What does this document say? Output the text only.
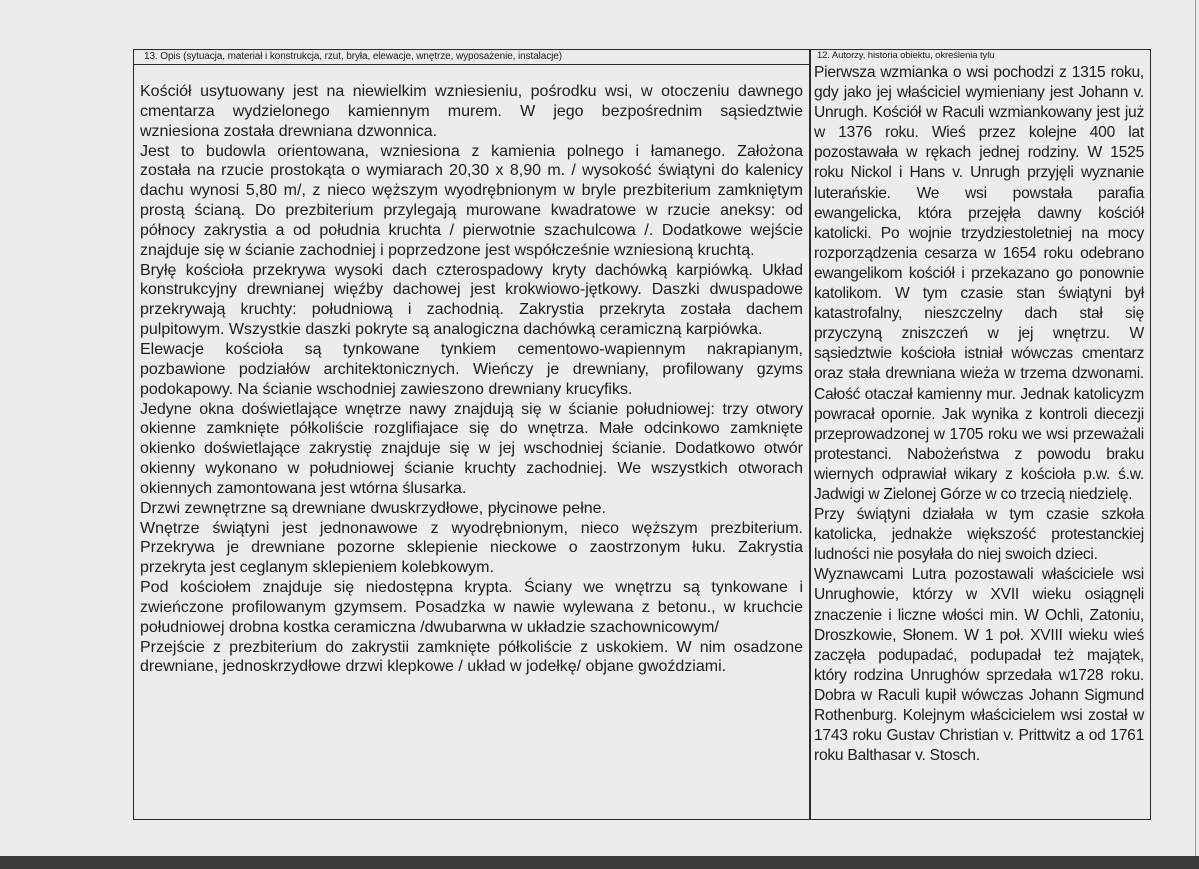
13. Opis (sytuacja, materiał i konstrukcja, rzut, bryła, elewacje, wnętrze, wyposażenie, instalacje)	12. Autorzy, historia obiektu, określenia tylu
Kościół usytuowany jest na niewielkim wzniesieniu, pośrodku wsi, w otoczeniu dawnego
cmentarza wydzielonego kamiennym murem. W jego bezpośrednim sąsiedztwie
wzniesiona została drewniana dzwonnica.
Jest to budowla orientowana, wzniesiona z kamienia polnego i łamanego. Założona
została na rzucie prostokąta o wymiarach 20,30 x 8,90 m. / wysokość świątyni do kalenicy
dachu wynosi 5,80 m/, z nieco węższym wyodrębnionym w bryle prezbiterium zamkniętym
prostą ścianą. Do prezbiterium przylegają murowane kwadratowe w rzucie aneksy: od
północy zakrystia a od południa kruchta / pierwotnie szachulcowa /. Dodatkowe wejście
znajduje się w ścianie zachodniej i poprzedzone jest współcześnie wzniesioną kruchtą.
Bryłę kościoła przekrywa wysoki dach czterospadowy kryty dachówką karpiówką. Układ
konstrukcyjny drewnianej więźby dachowej jest krokwiowo-jętkowy. Daszki dwuspadowe
przekrywają kruchty: południową i zachodnią. Zakrystia przekryta została dachem
pulpitowym. Wszystkie daszki pokryte są analogiczna dachówką ceramiczną karpiówka.
Elewacje kościoła są tynkowane tynkiem cementowo-wapiennym nakrapianym,
pozbawione podziałów architektonicznych. Wieńczy je drewniany, profilowany gzyms
podokapowy. Na ścianie wschodniej zawieszono drewniany krucyfiks.
Jedyne okna doświetlające wnętrze nawy znajdują się w ścianie południowej: trzy otwory
okienne zamknięte półkoliście rozglifiajace się do wnętrza. Małe odcinkowo zamknięte
okienko doświetlające zakrystię znajduje się w jej wschodniej ścianie. Dodatkowo otwór
okienny wykonano w południowej ścianie kruchty zachodniej. We wszystkich otworach
okiennych zamontowana jest wtórna ślusarka.
Drzwi zewnętrzne są drewniane dwuskrzydłowe, płycinowe pełne.
Wnętrze świątyni jest jednonawowe z wyodrębnionym, nieco węższym prezbiterium.
Przekrywa je drewniane pozorne sklepienie nieckowe o zaostrzonym łuku. Zakrystia
przekryta jest ceglanym sklepieniem kolebkowym.
Pod kościołem znajduje się niedostępna krypta. Ściany we wnętrzu są tynkowane i
zwieńczone profilowanym gzymsem. Posadzka w nawie wylewana z betonu., w kruchcie
południowej drobna kostka ceramiczna /dwubarwna w układzie szachownicowym/
Przejście z prezbiterium do zakrystii zamknięte półkoliście z uskokiem. W nim osadzone
drewniane, jednoskrzydłowe drzwi klepkowe / układ w jodełkę/ objane gwoździami.
Pierwsza wzmianka o wsi pochodzi z 1315 roku,
gdy jako jej właściciel wymieniany jest Johann v.
Unrugh. Kościół w Raculi wzmiankowany jest już
w 1376 roku. Wieś przez kolejne 400 lat
pozostawała w rękach jednej rodziny. W 1525
roku Nickol i Hans v. Unrugh przyjęli wyznanie
luterańskie. We wsi powstała parafia
ewangelicka, która przejęła dawny kościół
katolicki. Po wojnie trzydziestoletniej na mocy
rozporządzenia cesarza w 1654 roku odebrano
ewangelikom kościół i przekazano go ponownie
katolikom. W tym czasie stan świątyni był
katastrofalny, nieszczelny dach stał się
przyczyną zniszczeń w jej wnętrzu. W
sąsiedztwie kościoła istniał wówczas cmentarz
oraz stała drewniana wieża w trzema dzwonami.
Całość otaczał kamienny mur. Jednak katolicyzm
powracał opornie. Jak wynika z kontroli diecezji
przeprowadzonej w 1705 roku we wsi przeważali
protestanci. Nabożeństwa z powodu braku
wiernych odprawiał wikary z kościoła p.w. ś.w.
Jadwigi w Zielonej Górze w co trzecią niedzielę.
Przy świątyni działała w tym czasie szkoła
katolicka, jednakże większość protestanckiej
ludności nie posyłała do niej swoich dzieci.
Wyznawcami Lutra pozostawali właściciele wsi
Unrughowie, którzy w XVII wieku osiągnęli
znaczenie i liczne włości min. W Ochli, Zatoniu,
Droszkowie, Słonem. W 1 poł. XVIII wieku wieś
zaczęła podupadać, podupadał też majątek,
który rodzina Unrughów sprzedała w1728 roku.
Dobra w Raculi kupił wówczas Johann Sigmund
Rothenburg. Kolejnym właścicielem wsi został w
1743 roku Gustav Christian v. Prittwitz a od 1761
roku Balthasar v. Stosch.
